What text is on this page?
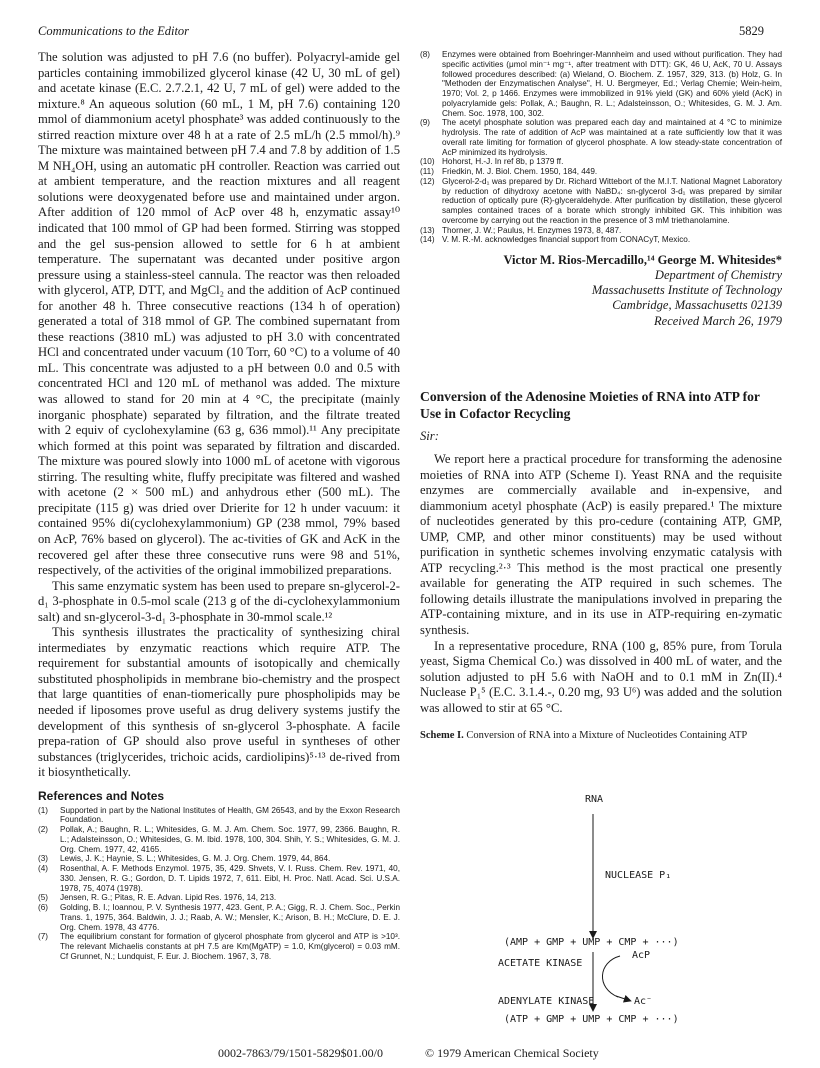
Communications to the Editor	5829

The solution was adjusted to pH 7.6 (no buffer). Polyacryl-amide gel particles containing immobilized glycerol kinase (42 U, 30 mL of gel) and acetate kinase (E.C. 2.7.2.1, 42 U, 7 mL of gel) were added to the mixture.⁸ An aqueous solution (60 mL, 1 M, pH 7.6) containing 120 mmol of diammonium acetyl phosphate³ was added continuously to the stirred reaction mixture over 48 h at a rate of 2.5 mL/h (2.5 mmol/h).⁹ The mixture was maintained between pH 7.4 and 7.8 by addition of 1.5 M NH₄OH, using an automatic pH controller. Reaction was carried out at ambient temperature, and the reaction mixtures and all reagent solutions were deoxygenated before use and maintained under argon. After addition of 120 mmol of AcP over 48 h, enzymatic assay¹⁰ indicated that 100 mmol of GP had been formed. Stirring was stopped and the gel sus-pension allowed to settle for 6 h at ambient temperature. The supernatant was decanted under positive argon pressure using a stainless-steel cannula. The reactor was then reloaded with glycerol, ATP, DTT, and MgCl₂ and the addition of AcP continued for another 48 h. Three consecutive reactions (134 h of operation) generated a total of 318 mmol of GP. The combined supernatant from these reactions (3810 mL) was adjusted to pH 3.0 with concentrated HCl and concentrated under vacuum (10 Torr, 60 °C) to a volume of 40 mL. This concentrate was adjusted to a pH between 0.0 and 0.5 with concentrated HCl and 120 mL of methanol was added. The mixture was allowed to stand for 20 min at 4 °C, the precipitate (mainly inorganic phosphate) separated by filtration, and the filtrate treated with 2 equiv of cyclohexylamine (63 g, 636 mmol).¹¹ Any precipitate which formed at this point was separated by filtration and discarded. The mixture was poured slowly into 1000 mL of acetone with vigorous stirring. The resulting white, fluffy precipitate was filtered and washed with acetone (2 × 500 mL) and anhydrous ether (500 mL). The precipitate (115 g) was dried over Drierite for 12 h under vacuum: it contained 95% di(cyclohexylammonium) GP (238 mmol, 79% based on AcP, 76% based on glycerol). The ac-tivities of GK and AcK in the recovered gel after these three consecutive runs were 98 and 51%, respectively, of the activities of the original immobilized preparations.

This same enzymatic system has been used to prepare sn-glycerol-2-d₁ 3-phosphate in 0.5-mol scale (213 g of the di-cyclohexylammonium salt) and sn-glycerol-3-d₁ 3-phosphate in 30-mmol scale.¹²

This synthesis illustrates the practicality of synthesizing chiral intermediates by enzymatic reactions which require ATP. The requirement for substantial amounts of isotopically and chemically substituted phospholipids in membrane bio-chemistry and the prospect that large quantities of enan-tiomerically pure phospholipids may be needed if liposomes prove useful as drug delivery systems justify the development of this synthesis of sn-glycerol 3-phosphate. A facile prepa-ration of GP should also prove useful in syntheses of other substances (triglycerides, trichoic acids, cardiolipins)⁵·¹³ de-rived from it biosynthetically.

References and Notes
(1)	Supported in part by the National Institutes of Health, GM 26543, and by the Exxon Research Foundation.
(2)	Pollak, A.; Baughn, R. L.; Whitesides, G. M. J. Am. Chem. Soc. 1977, 99, 2366. Baughn, R. L.; Adalsteinsson, O.; Whitesides, G. M. Ibid. 1978, 100, 304. Shih, Y. S.; Whitesides, G. M. J. Org. Chem. 1977, 42, 4165.
(3)	Lewis, J. K.; Haynie, S. L.; Whitesides, G. M. J. Org. Chem. 1979, 44, 864.
(4)	Rosenthal, A. F. Methods Enzymol. 1975, 35, 429. Shvets, V. I. Russ. Chem. Rev. 1971, 40, 330. Jensen, R. G.; Gordon, D. T. Lipids 1972, 7, 611. Eibl, H. Proc. Natl. Acad. Sci. U.S.A. 1978, 75, 4074 (1978).
(5)	Jensen, R. G.; Pitas, R. E. Advan. Lipid Res. 1976, 14, 213.
(6)	Golding, B. I.; Ioannou, P. V. Synthesis 1977, 423. Gent, P. A.; Gigg, R. J. Chem. Soc., Perkin Trans. 1, 1975, 364. Baldwin, J. J.; Raab, A. W.; Mensler, K.; Arison, B. H.; McClure, D. E. J. Org. Chem. 1978, 43 4776.
(7)	The equilibrium constant for formation of glycerol phosphate from glycerol and ATP is >10³. The relevant Michaelis constants at pH 7.5 are Km(MgATP) = 1.0, Km(glycerol) = 0.03 mM. Cf Grunnet, N.; Lundquist, F. Eur. J. Biochem. 1967, 3, 78.
(8)	Enzymes were obtained from Boehringer-Mannheim and used without purification. They had specific activities (μmol min⁻¹ mg⁻¹, after treatment with DTT): GK, 46 U, AcK, 70 U. Assays followed procedures described: (a) Wieland, O. Biochem. Z. 1957, 329, 313. (b) Holz, G. In "Methoden der Enzymatischen Analyse", H. U. Bergmeyer, Ed.; Verlag Chemie; Wein-heim, 1970; Vol. 2, p 1466. Enzymes were immobilized in 91% yield (GK) and 60% yield (AcK) in polyacrylamide gels: Pollak, A.; Baughn, R. L.; Adalsteinsson, O.; Whitesides, G. M. J. Am. Chem. Soc. 1978, 100, 302.
(9)	The acetyl phosphate solution was prepared each day and maintained at 4 °C to minimize hydrolysis. The rate of addition of AcP was maintained at a rate sufficiently low that it was overall rate limiting for formation of glycerol phosphate. A low steady-state concentration of AcP minimized its hydrolysis.
(10) Hohorst, H.-J. In ref 8b, p 1379 ff.
(11) Friedkin, M. J. Biol. Chem. 1950, 184, 449.
(12) Glycerol-2-d₁ was prepared by Dr. Richard Wittebort of the M.I.T. National Magnet Laboratory by reduction of dihydroxy acetone with NaBD₄: sn-glycerol 3-d₁ was prepared by similar reduction of optically pure (R)-glyceraldehyde. After purification by distillation, these glycerol samples contained traces of a borate which strongly inhibited GK. This inhibition was overcome by carrying out the reaction in the presence of 3 mM triethanolamine.
(13) Thorner, J. W.; Paulus, H. Enzymes 1973, 8, 487.
(14) V. M. R.-M. acknowledges financial support from CONACyT, Mexico.
Victor M. Rios-Mercadillo,¹⁴ George M. Whitesides*
Department of Chemistry
Massachusetts Institute of Technology
Cambridge, Massachusetts 02139
Received March 26, 1979
Conversion of the Adenosine Moieties of RNA into ATP for Use in Cofactor Recycling
Sir:

We report here a practical procedure for transforming the adenosine moieties of RNA into ATP (Scheme I). Yeast RNA and the requisite enzymes are commercially available and in-expensive, and diammonium acetyl phosphate (AcP) is easily prepared.¹ The mixture of nucleotides generated by this pro-cedure (containing ATP, GMP, UMP, CMP, and other minor constituents) may be used without purification in synthetic schemes involving enzymatic catalysis with ATP recycling.²·³ This method is the most practical one presently available for generating the ATP required in such schemes. The following details illustrate the manipulations involved in preparing the ATP-containing mixture, and in its use in ATP-requiring en-zymatic synthesis.

In a representative procedure, RNA (100 g, 85% pure, from Torula yeast, Sigma Chemical Co.) was dissolved in 400 mL of water, and the solution adjusted to pH 5.6 with NaOH and to 0.1 mM in Zn(II).⁴ Nuclease P₁⁵ (E.C. 3.1.4.-, 0.20 mg, 93 U⁶) was added and the solution was allowed to stir at 65 °C.

Scheme I. Conversion of RNA into a Mixture of Nucleotides Containing ATP
RNA
NUCLEASE P₁
(AMP + GMP + UMP + CMP + ···)
ACETATE KINASE
AcP
ADENYLATE KINASE	Ac⁻
(ATP + GMP + UMP + CMP + ···)
0002-7863/79/1501-5829$01.00/0	© 1979 American Chemical Society
